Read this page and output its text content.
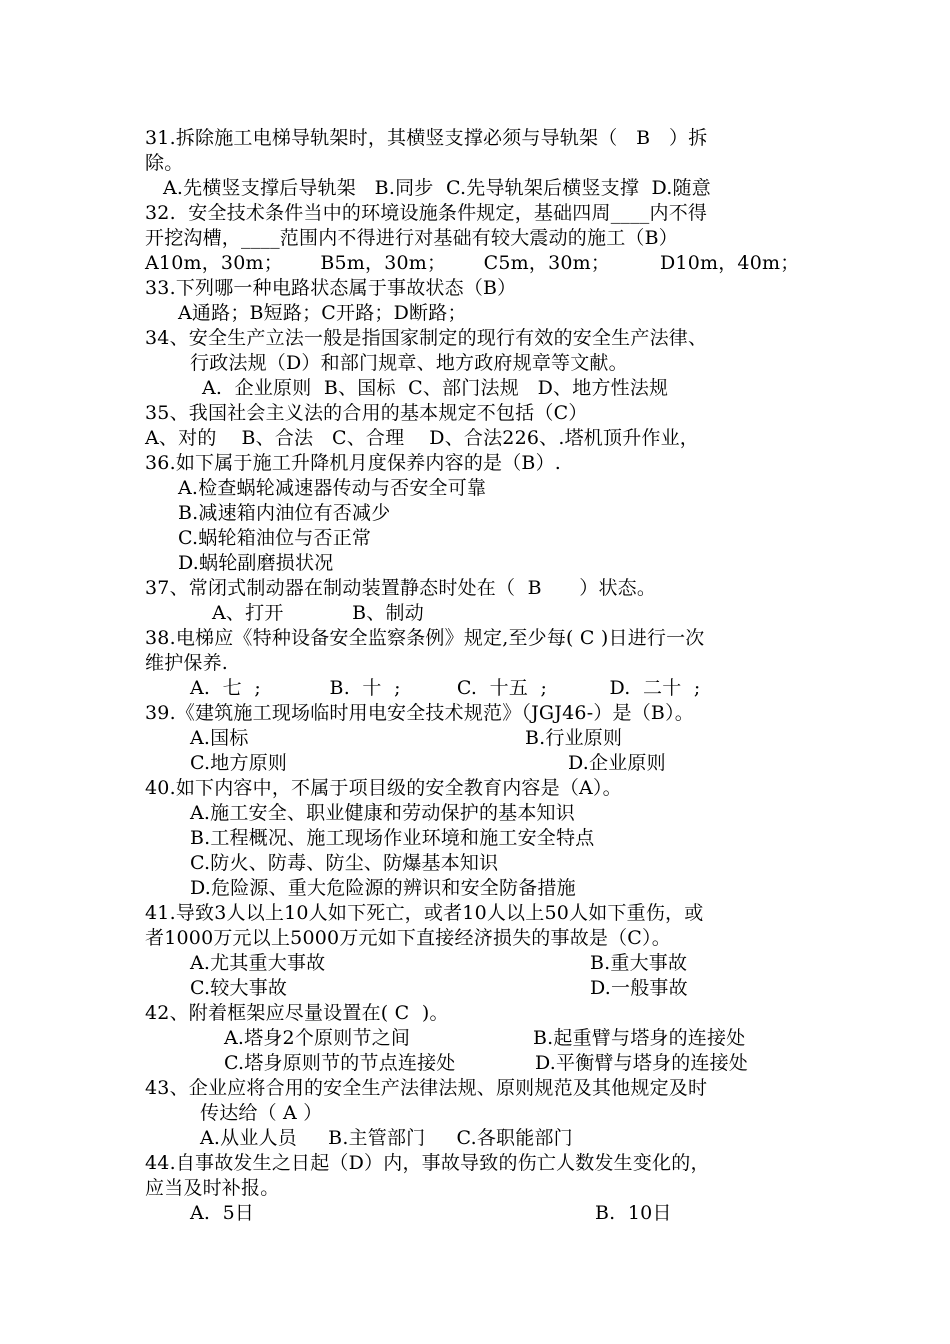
31.拆除施工电梯导轨架时，其横竖支撑必须与导轨架（   B   ）拆
除。
A.先横竖支撑后导轨架   B.同步  C.先导轨架后横竖支撑  D.随意
32.  安全技术条件当中的环境设施条件规定，基础四周____内不得
开挖沟槽，____范围内不得进行对基础有较大震动的施工（B）
A10m，30m；      B5m，30m；      C5m，30m；        D10m，40m；
33.下列哪一种电路状态属于事故状态（B）
A通路；B短路；C开路；D断路；
34、安全生产立法一般是指国家制定的现行有效的安全生产法律、
行政法规（D）和部门规章、地方政府规章等文献。
A.  企业原则  B、国标  C、部门法规   D、地方性法规
35、我国社会主义法的合用的基本规定不包括（C）
A、对的    B、合法   C、合理    D、合法226、.塔机顶升作业，
36.如下属于施工升降机月度保养内容的是（B）.
A.检查蜗轮减速器传动与否安全可靠
B.减速箱内油位有否减少
C.蜗轮箱油位与否正常
D.蜗轮副磨损状况
37、常闭式制动器在制动装置静态时处在（  B      ）状态。
A、打开           B、制动
38.电梯应《特种设备安全监察条例》规定,至少每( C )日进行一次
维护保养.
A.  七  ;           B.  十  ;         C.  十五  ;          D.  二十  ;
39.《建筑施工现场临时用电安全技术规范》（JGJ46-）是（B）。
A.国标	B.行业原则
C.地方原则	D.企业原则
40.如下内容中，不属于项目级的安全教育内容是（A）。
A.施工安全、职业健康和劳动保护的基本知识
B.工程概况、施工现场作业环境和施工安全特点
C.防火、防毒、防尘、防爆基本知识
D.危险源、重大危险源的辨识和安全防备措施
41.导致3人以上10人如下死亡，或者10人以上50人如下重伤，或
者1000万元以上5000万元如下直接经济损失的事故是（C）。
A.尤其重大事故	B.重大事故
C.较大事故	D.一般事故
42、附着框架应尽量设置在( C  )。
A.塔身2个原则节之间	B.起重臂与塔身的连接处
C.塔身原则节的节点连接处	D.平衡臂与塔身的连接处
43、企业应将合用的安全生产法律法规、原则规范及其他规定及时
传达给（ A ）
A.从业人员     B.主管部门     C.各职能部门
44.自事故发生之日起（D）内，事故导致的伤亡人数发生变化的，
应当及时补报。
A.  5日	B.  10日
